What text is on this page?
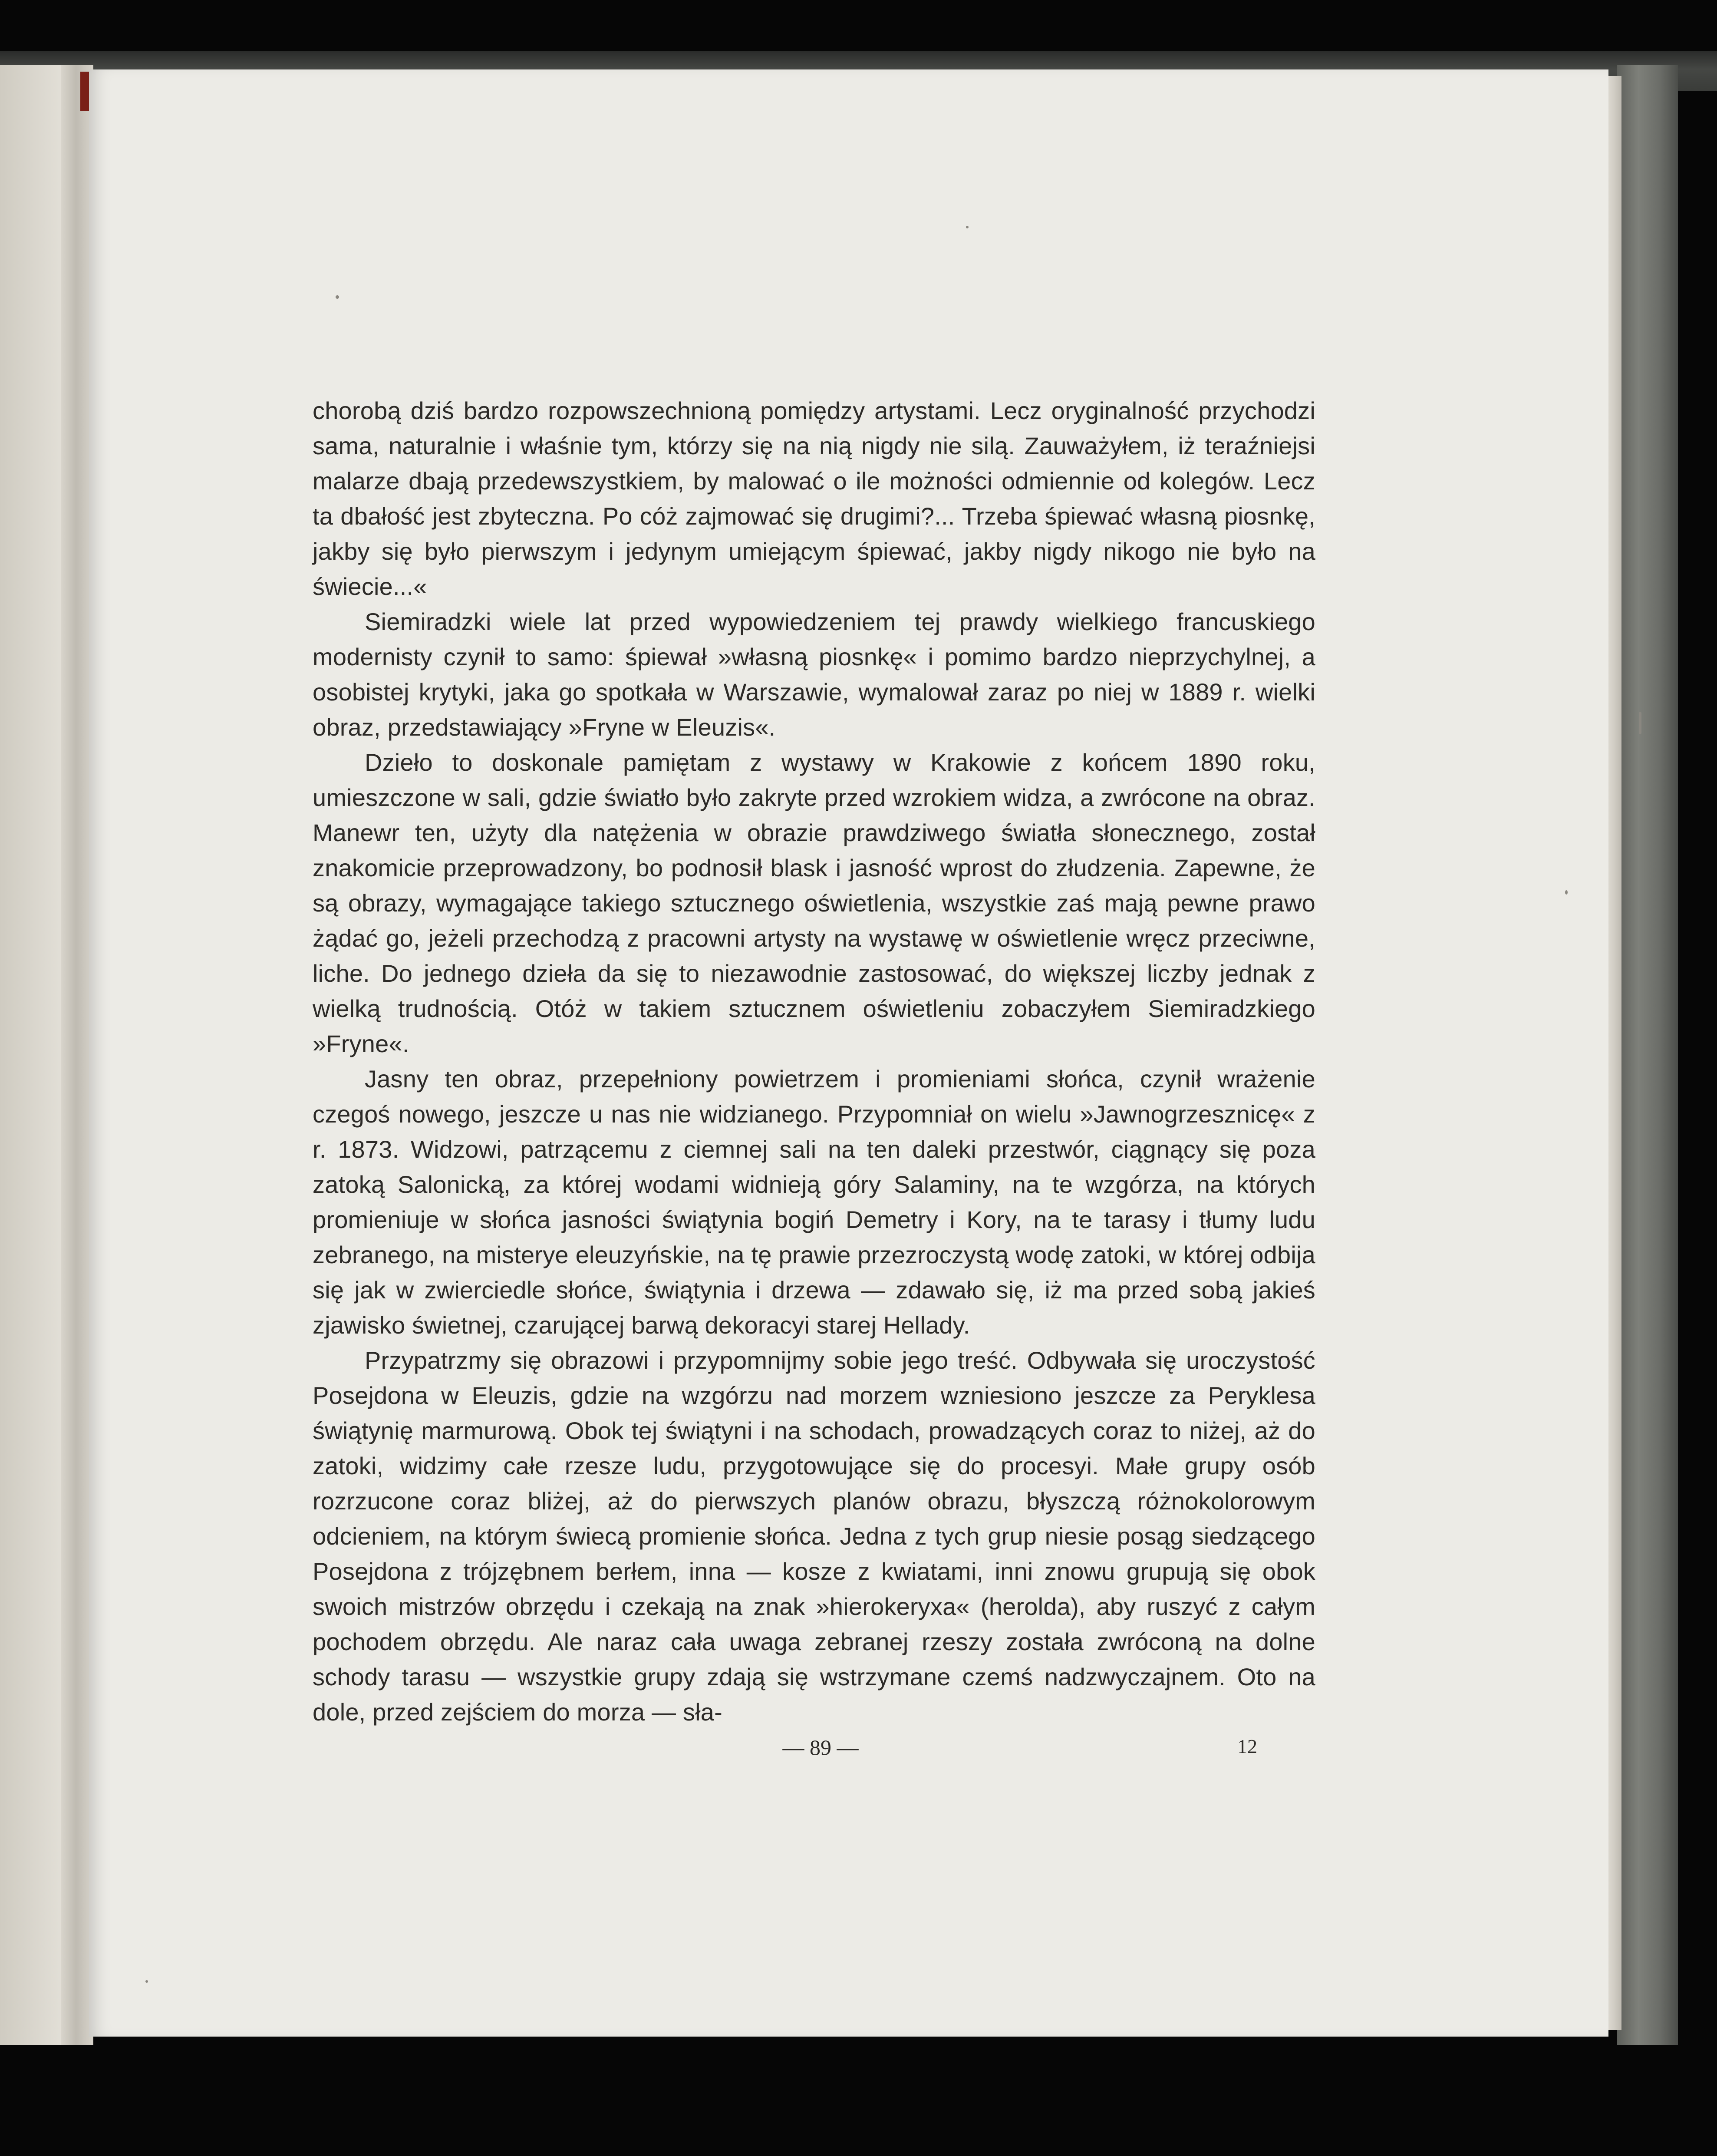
chorobą dziś bardzo rozpowszechnioną pomiędzy artystami. Lecz oryginalność przychodzi sama, naturalnie i właśnie tym, którzy się na nią nigdy nie silą. Zauważyłem, iż teraźniejsi malarze dbają przedewszystkiem, by malować o ile możności odmiennie od kolegów. Lecz ta dbałość jest zbyteczna. Po cóż zajmować się drugimi?... Trzeba śpiewać własną piosnkę, jakby się było pierwszym i jedynym umiejącym śpiewać, jakby nigdy nikogo nie było na świecie...«

Siemiradzki wiele lat przed wypowiedzeniem tej prawdy wielkiego francuskiego modernisty czynił to samo: śpiewał »własną piosnkę« i pomimo bardzo nieprzychylnej, a osobistej krytyki, jaka go spotkała w Warszawie, wymalował zaraz po niej w 1889 r. wielki obraz, przedstawiający »Fryne w Eleuzis«.

Dzieło to doskonale pamiętam z wystawy w Krakowie z końcem 1890 roku, umieszczone w sali, gdzie światło było zakryte przed wzrokiem widza, a zwrócone na obraz. Manewr ten, użyty dla natężenia w obrazie prawdziwego światła słonecznego, został znakomicie przeprowadzony, bo podnosił blask i jasność wprost do złudzenia. Zapewne, że są obrazy, wymagające takiego sztucznego oświetlenia, wszystkie zaś mają pewne prawo żądać go, jeżeli przechodzą z pracowni artysty na wystawę w oświetlenie wręcz przeciwne, liche. Do jednego dzieła da się to niezawodnie zastosować, do większej liczby jednak z wielką trudnością. Otóż w takiem sztucznem oświetleniu zobaczyłem Siemiradzkiego »Fryne«.

Jasny ten obraz, przepełniony powietrzem i promieniami słońca, czynił wrażenie czegoś nowego, jeszcze u nas nie widzianego. Przypomniał on wielu »Jawnogrzesznicę« z r. 1873. Widzowi, patrzącemu z ciemnej sali na ten daleki przestwór, ciągnący się poza zatoką Salonicką, za której wodami widnieją góry Salaminy, na te wzgórza, na których promieniuje w słońca jasności świątynia bogiń Demetry i Kory, na te tarasy i tłumy ludu zebranego, na misterye eleuzyńskie, na tę prawie przezroczystą wodę zatoki, w której odbija się jak w zwierciedle słońce, świątynia i drzewa — zdawało się, iż ma przed sobą jakieś zjawisko świetnej, czarującej barwą dekoracyi starej Hellady.

Przypatrzmy się obrazowi i przypomnijmy sobie jego treść. Odbywała się uroczystość Posejdona w Eleuzis, gdzie na wzgórzu nad morzem wzniesiono jeszcze za Peryklesa świątynię marmurową. Obok tej świątyni i na schodach, prowadzących coraz to niżej, aż do zatoki, widzimy całe rzesze ludu, przygotowujące się do procesyi. Małe grupy osób rozrzucone coraz bliżej, aż do pierwszych planów obrazu, błyszczą różnokolorowym odcieniem, na którym świecą promienie słońca. Jedna z tych grup niesie posąg siedzącego Posejdona z trójzębnem berłem, inna — kosze z kwiatami, inni znowu grupują się obok swoich mistrzów obrzędu i czekają na znak »hierokeryxa« (herolda), aby ruszyć z całym pochodem obrzędu. Ale naraz cała uwaga zebranej rzeszy została zwróconą na dolne schody tarasu — wszystkie grupy zdają się wstrzymane czemś nadzwyczajnem. Oto na dole, przed zejściem do morza — sła-

— 89 —	12
